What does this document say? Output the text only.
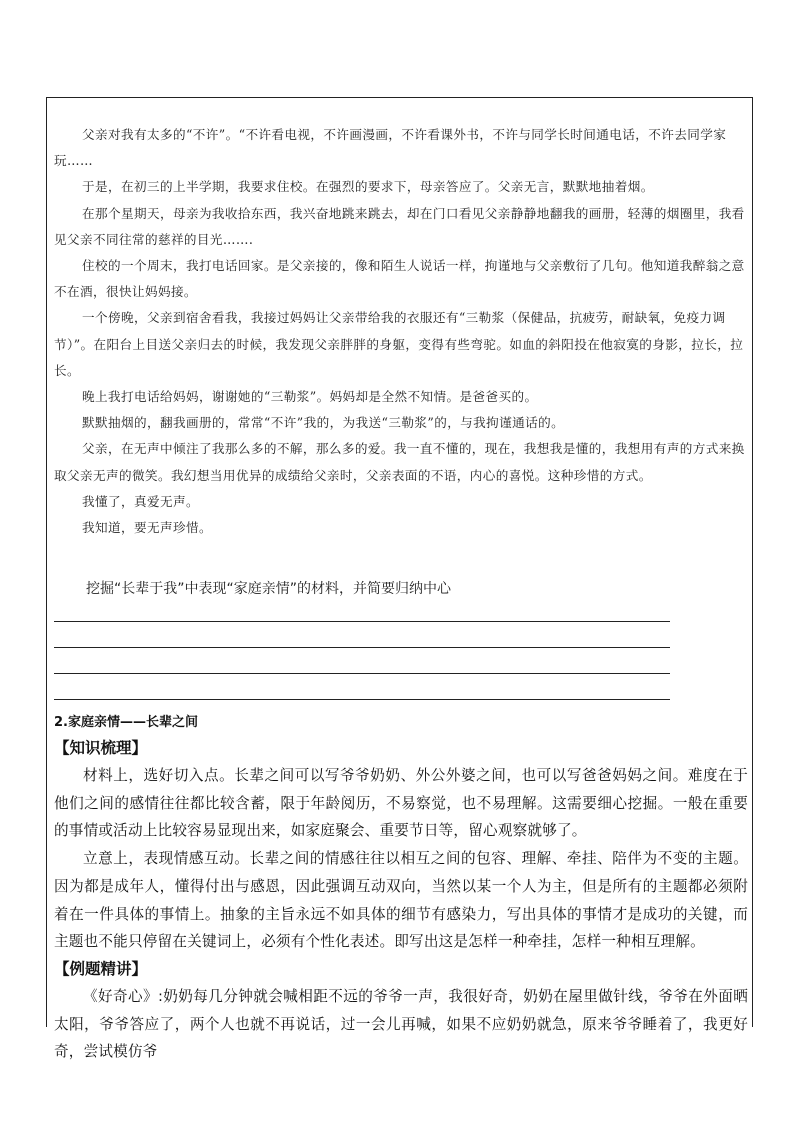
父亲对我有太多的“不许”。“不许看电视，不许画漫画，不许看课外书，不许与同学长时间通电话，不许去同学家玩……

于是，在初三的上半学期，我要求住校。在强烈的要求下，母亲答应了。父亲无言，默默地抽着烟。

在那个星期天，母亲为我收拾东西，我兴奋地跳来跳去，却在门口看见父亲静静地翻我的画册，轻薄的烟圈里，我看见父亲不同往常的慈祥的目光…….

住校的一个周末，我打电话回家。是父亲接的，像和陌生人说话一样，拘谨地与父亲敷衍了几句。他知道我醉翁之意不在酒，很快让妈妈接。

一个傍晚，父亲到宿舍看我，我接过妈妈让父亲带给我的衣服还有“三勒浆（保健品，抗疲劳，耐缺氧，免疫力调节）”。在阳台上目送父亲归去的时候，我发现父亲胖胖的身躯，变得有些弯驼。如血的斜阳投在他寂寞的身影，拉长，拉长。

晚上我打电话给妈妈，谢谢她的“三勒浆”。妈妈却是全然不知情。是爸爸买的。

默默抽烟的，翻我画册的，常常“不许”我的，为我送“三勒浆”的，与我拘谨通话的。

父亲，在无声中倾注了我那么多的不解，那么多的爱。我一直不懂的，现在，我想我是懂的，我想用有声的方式来换取父亲无声的微笑。我幻想当用优异的成绩给父亲时，父亲表面的不语，内心的喜悦。这种珍惜的方式。

我懂了，真爱无声。

我知道，要无声珍惜。

挖掘“长辈于我”中表现“家庭亲情”的材料，并简要归纳中心
2.家庭亲情——长辈之间
【知识梳理】

材料上，选好切入点。长辈之间可以写爷爷奶奶、外公外婆之间，也可以写爸爸妈妈之间。难度在于他们之间的感情往往都比较含蓄，限于年龄阅历，不易察觉，也不易理解。这需要细心挖掘。一般在重要的事情或活动上比较容易显现出来，如家庭聚会、重要节日等，留心观察就够了。

立意上，表现情感互动。长辈之间的情感往往以相互之间的包容、理解、牵挂、陪伴为不变的主题。因为都是成年人，懂得付出与感恩，因此强调互动双向，当然以某一个人为主，但是所有的主题都必须附着在一件具体的事情上。抽象的主旨永远不如具体的细节有感染力，写出具体的事情才是成功的关键，而主题也不能只停留在关键词上，必须有个性化表述。即写出这是怎样一种牵挂，怎样一种相互理解。

【例题精讲】

《好奇心》:奶奶每几分钟就会喊相距不远的爷爷一声，我很好奇，奶奶在屋里做针线，爷爷在外面晒太阳，爷爷答应了，两个人也就不再说话，过一会儿再喊，如果不应奶奶就急，原来爷爷睡着了，我更好奇，尝试模仿爷
